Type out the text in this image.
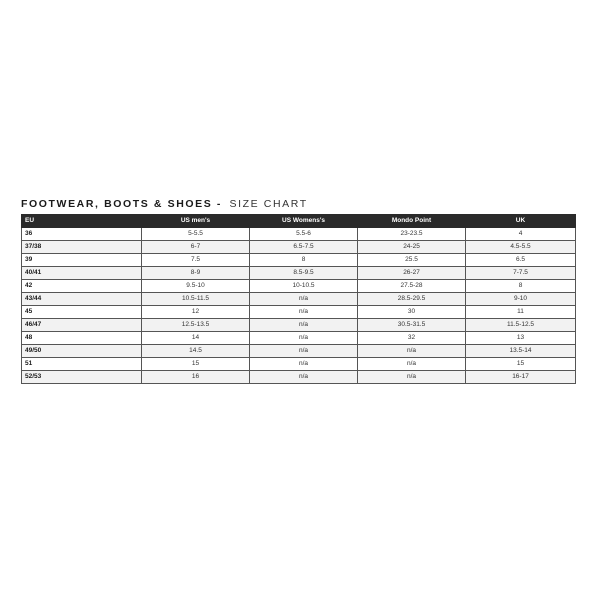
FOOTWEAR, BOOTS & SHOES - SIZE CHART
EU	US men's	US Womens's	Mondo Point	UK
36	5-5.5	5.5-6	23-23.5	4
37/38	6-7	6.5-7.5	24-25	4.5-5.5
39	7.5	8	25.5	6.5
40/41	8-9	8.5-9.5	26-27	7-7.5
42	9.5-10	10-10.5	27.5-28	8
43/44	10.5-11.5	n/a	28.5-29.5	9-10
45	12	n/a	30	11
46/47	12.5-13.5	n/a	30.5-31.5	11.5-12.5
48	14	n/a	32	13
49/50	14.5	n/a	n/a	13.5-14
51	15	n/a	n/a	15
52/53	16	n/a	n/a	16-17
